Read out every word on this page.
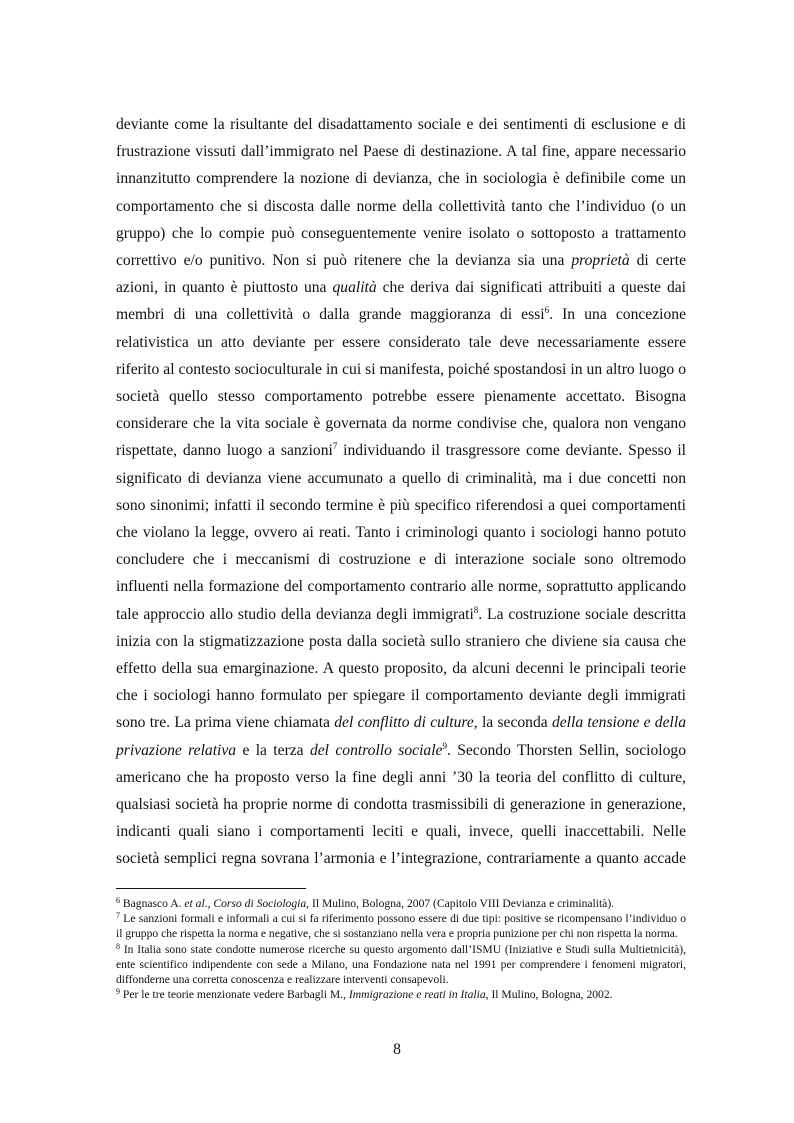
deviante come la risultante del disadattamento sociale e dei sentimenti di esclusione e di frustrazione vissuti dall’immigrato nel Paese di destinazione. A tal fine, appare necessario innanzitutto comprendere la nozione di devianza, che in sociologia è definibile come un comportamento che si discosta dalle norme della collettività tanto che l’individuo (o un gruppo) che lo compie può conseguentemente venire isolato o sottoposto a trattamento correttivo e/o punitivo. Non si può ritenere che la devianza sia una proprietà di certe azioni, in quanto è piuttosto una qualità che deriva dai significati attribuiti a queste dai membri di una collettività o dalla grande maggioranza di essi$^6$. In una concezione relativistica un atto deviante per essere considerato tale deve necessariamente essere riferito al contesto socioculturale in cui si manifesta, poiché spostandosi in un altro luogo o società quello stesso comportamento potrebbe essere pienamente accettato. Bisogna considerare che la vita sociale è governata da norme condivise che, qualora non vengano rispettate, danno luogo a sanzioni$^7$ individuando il trasgressore come deviante. Spesso il significato di devianza viene accumunato a quello di criminalità, ma i due concetti non sono sinonimi; infatti il secondo termine è più specifico riferendosi a quei comportamenti che violano la legge, ovvero ai reati. Tanto i criminologi quanto i sociologi hanno potuto concludere che i meccanismi di costruzione e di interazione sociale sono oltremodo influenti nella formazione del comportamento contrario alle norme, soprattutto applicando tale approccio allo studio della devianza degli immigrati$^8$. La costruzione sociale descritta inizia con la stigmatizzazione posta dalla società sullo straniero che diviene sia causa che effetto della sua emarginazione. A questo proposito, da alcuni decenni le principali teorie che i sociologi hanno formulato per spiegare il comportamento deviante degli immigrati sono tre. La prima viene chiamata del conflitto di culture, la seconda della tensione e della privazione relativa e la terza del controllo sociale$^9$. Secondo Thorsten Sellin, sociologo americano che ha proposto verso la fine degli anni ’30 la teoria del conflitto di culture, qualsiasi società ha proprie norme di condotta trasmissibili di generazione in generazione, indicanti quali siano i comportamenti leciti e quali, invece, quelli inaccettabili. Nelle società semplici regna sovrana l’armonia e l’integrazione, contrariamente a quanto accade

$^6$ Bagnasco A. et al., Corso di Sociologia, Il Mulino, Bologna, 2007 (Capitolo VIII Devianza e criminalità).

$^7$ Le sanzioni formali e informali a cui si fa riferimento possono essere di due tipi: positive se ricompensano l’individuo o il gruppo che rispetta la norma e negative, che si sostanziano nella vera e propria punizione per chi non rispetta la norma.

$^8$ In Italia sono state condotte numerose ricerche su questo argomento dall’ISMU (Iniziative e Studi sulla Multietnicità), ente scientifico indipendente con sede a Milano, una Fondazione nata nel 1991 per comprendere i fenomeni migratori, diffonderne una corretta conoscenza e realizzare interventi consapevoli.

$^9$ Per le tre teorie menzionate vedere Barbagli M., Immigrazione e reati in Italia, Il Mulino, Bologna, 2002.

8
